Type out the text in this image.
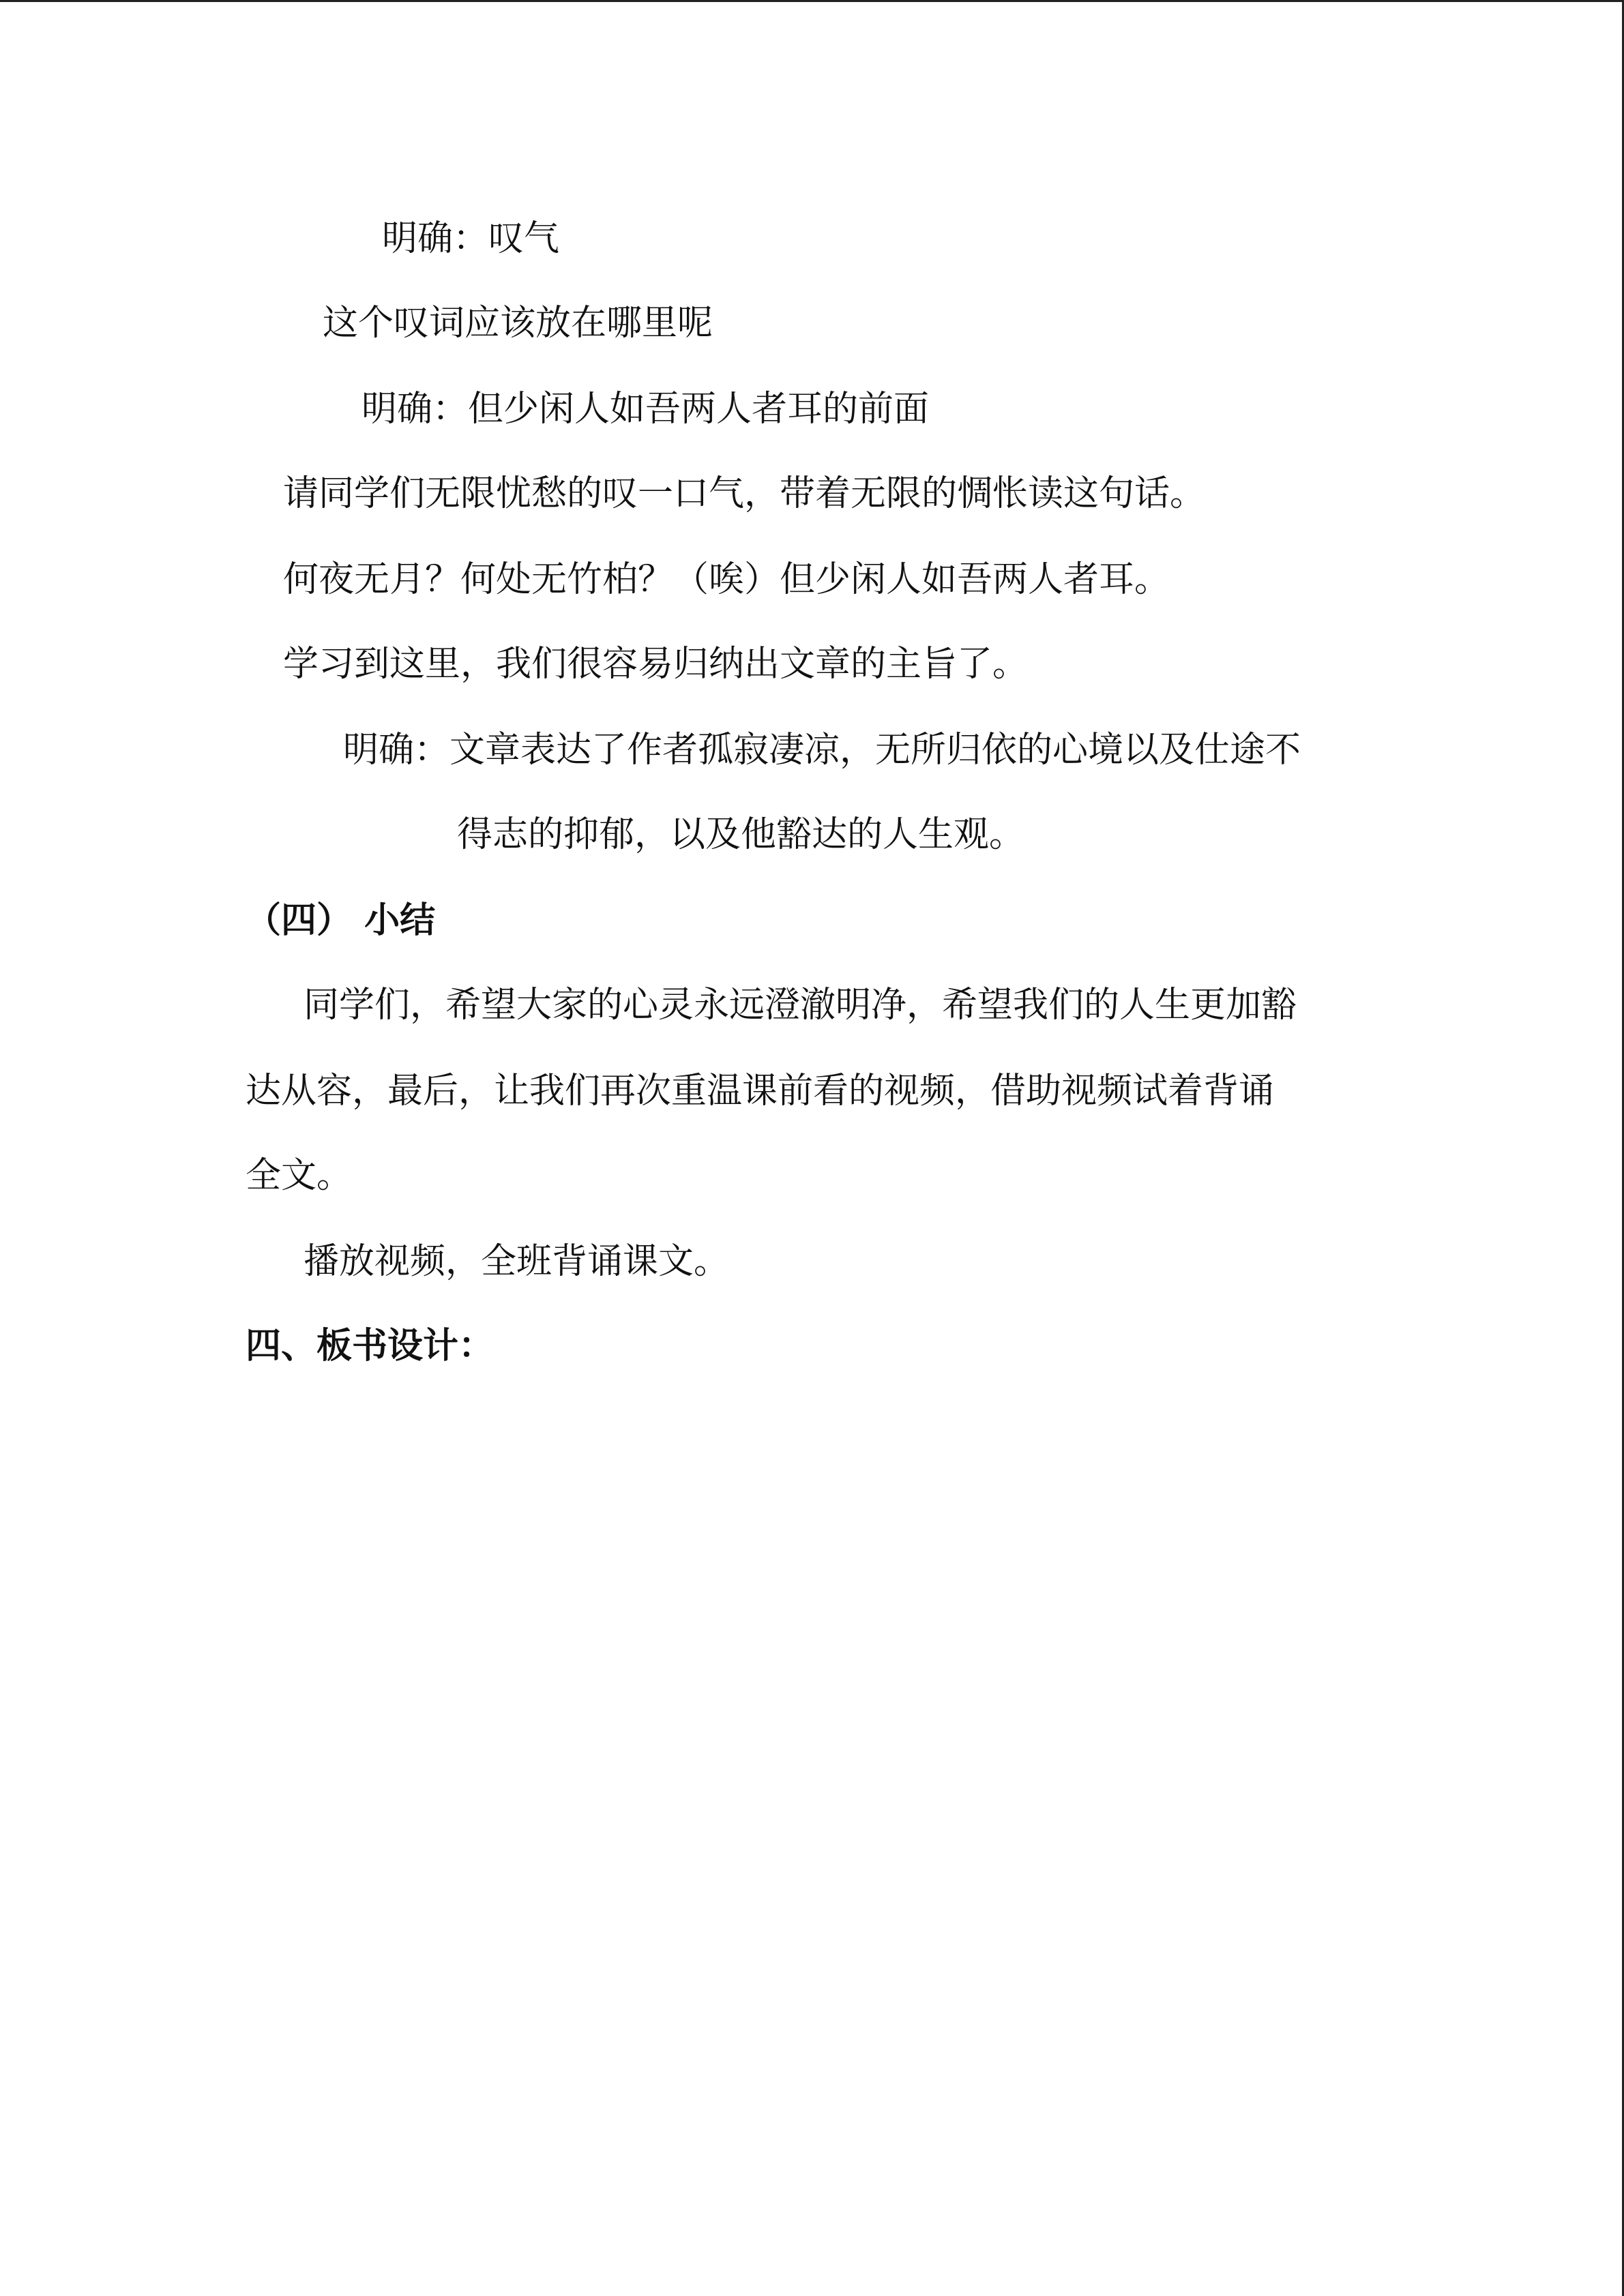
明确：叹气
这个叹词应该放在哪里呢
明确：但少闲人如吾两人者耳的前面
请同学们无限忧愁的叹一口气，带着无限的惆怅读这句话。
何夜无月？何处无竹柏？（唉）但少闲人如吾两人者耳。
学习到这里，我们很容易归纳出文章的主旨了。
明确：文章表达了作者孤寂凄凉，无所归依的心境以及仕途不
得志的抑郁，以及他豁达的人生观。
（四） 小结
同学们，希望大家的心灵永远澄澈明净，希望我们的人生更加豁
达从容，最后，让我们再次重温课前看的视频，借助视频试着背诵
全文。
播放视频，全班背诵课文。
四、板书设计：
